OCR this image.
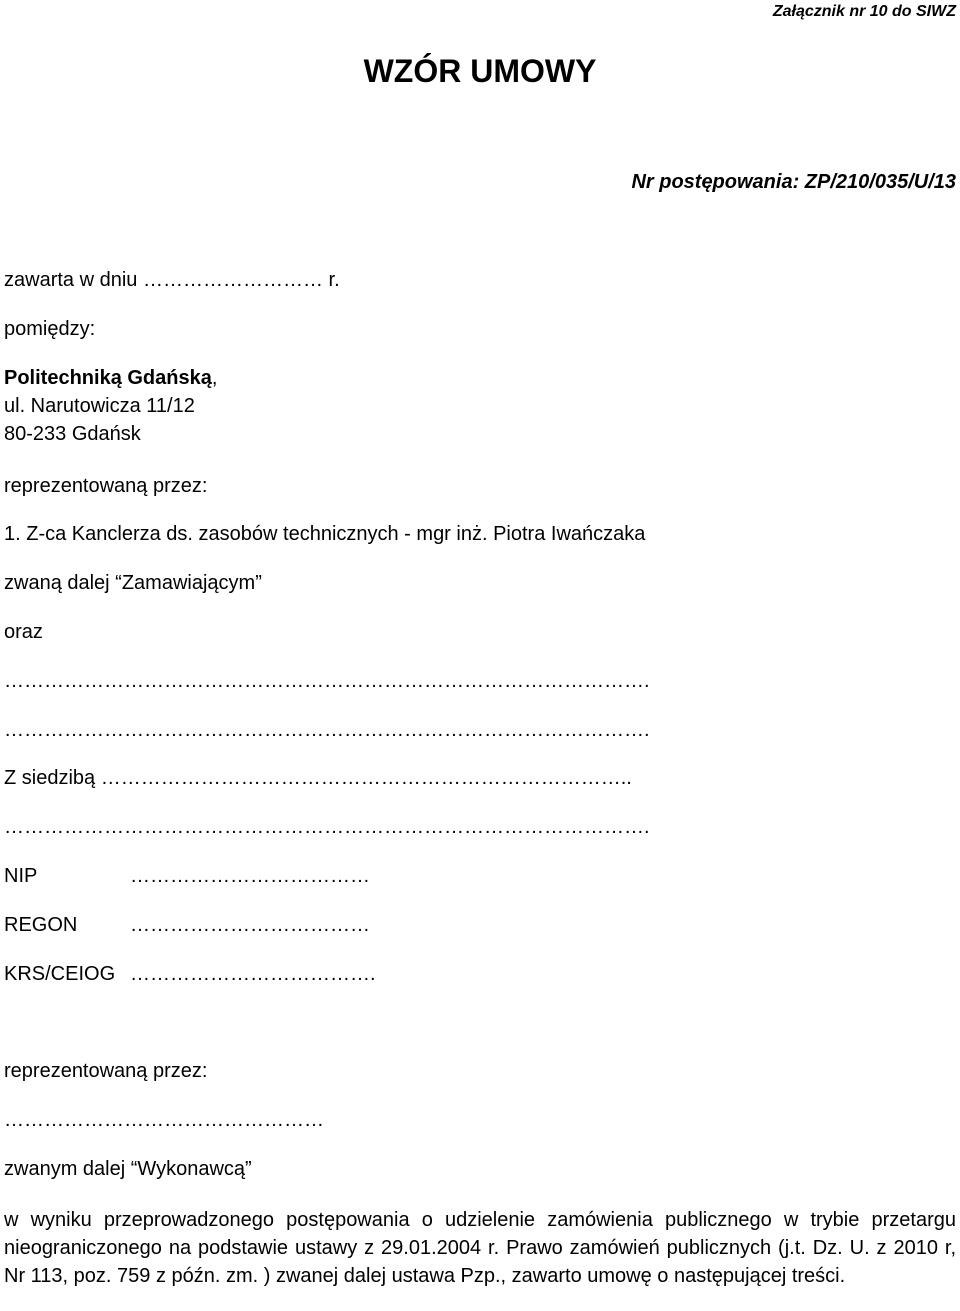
Załącznik nr 10 do SIWZ
WZÓR UMOWY
Nr postępowania: ZP/210/035/U/13
zawarta w dniu ……………………… r.
pomiędzy:
Politechniką Gdańską,
ul. Narutowicza 11/12
80-233 Gdańsk
reprezentowaną przez:
1. Z-ca Kanclerza ds. zasobów technicznych - mgr inż. Piotra Iwańczaka
zwaną dalej “Zamawiającym”
oraz
…………………………………………………………………………………….
…………………………………………………………………………………….
Z siedzibą ……………………………………………………………………..
…………………………………………………………………………………….
NIP	………………………………
REGON	………………………………
KRS/CEIOG ……………………………….
reprezentowaną przez:
…………………………………………
zwanym dalej “Wykonawcą”

w wyniku przeprowadzonego postępowania o udzielenie zamówienia publicznego w trybie przetargu nieograniczonego na podstawie ustawy z 29.01.2004 r. Prawo zamówień publicznych (j.t. Dz. U. z 2010 r, Nr 113, poz. 759 z późn. zm. ) zwanej dalej ustawa Pzp., zawarto umowę o następującej treści.
